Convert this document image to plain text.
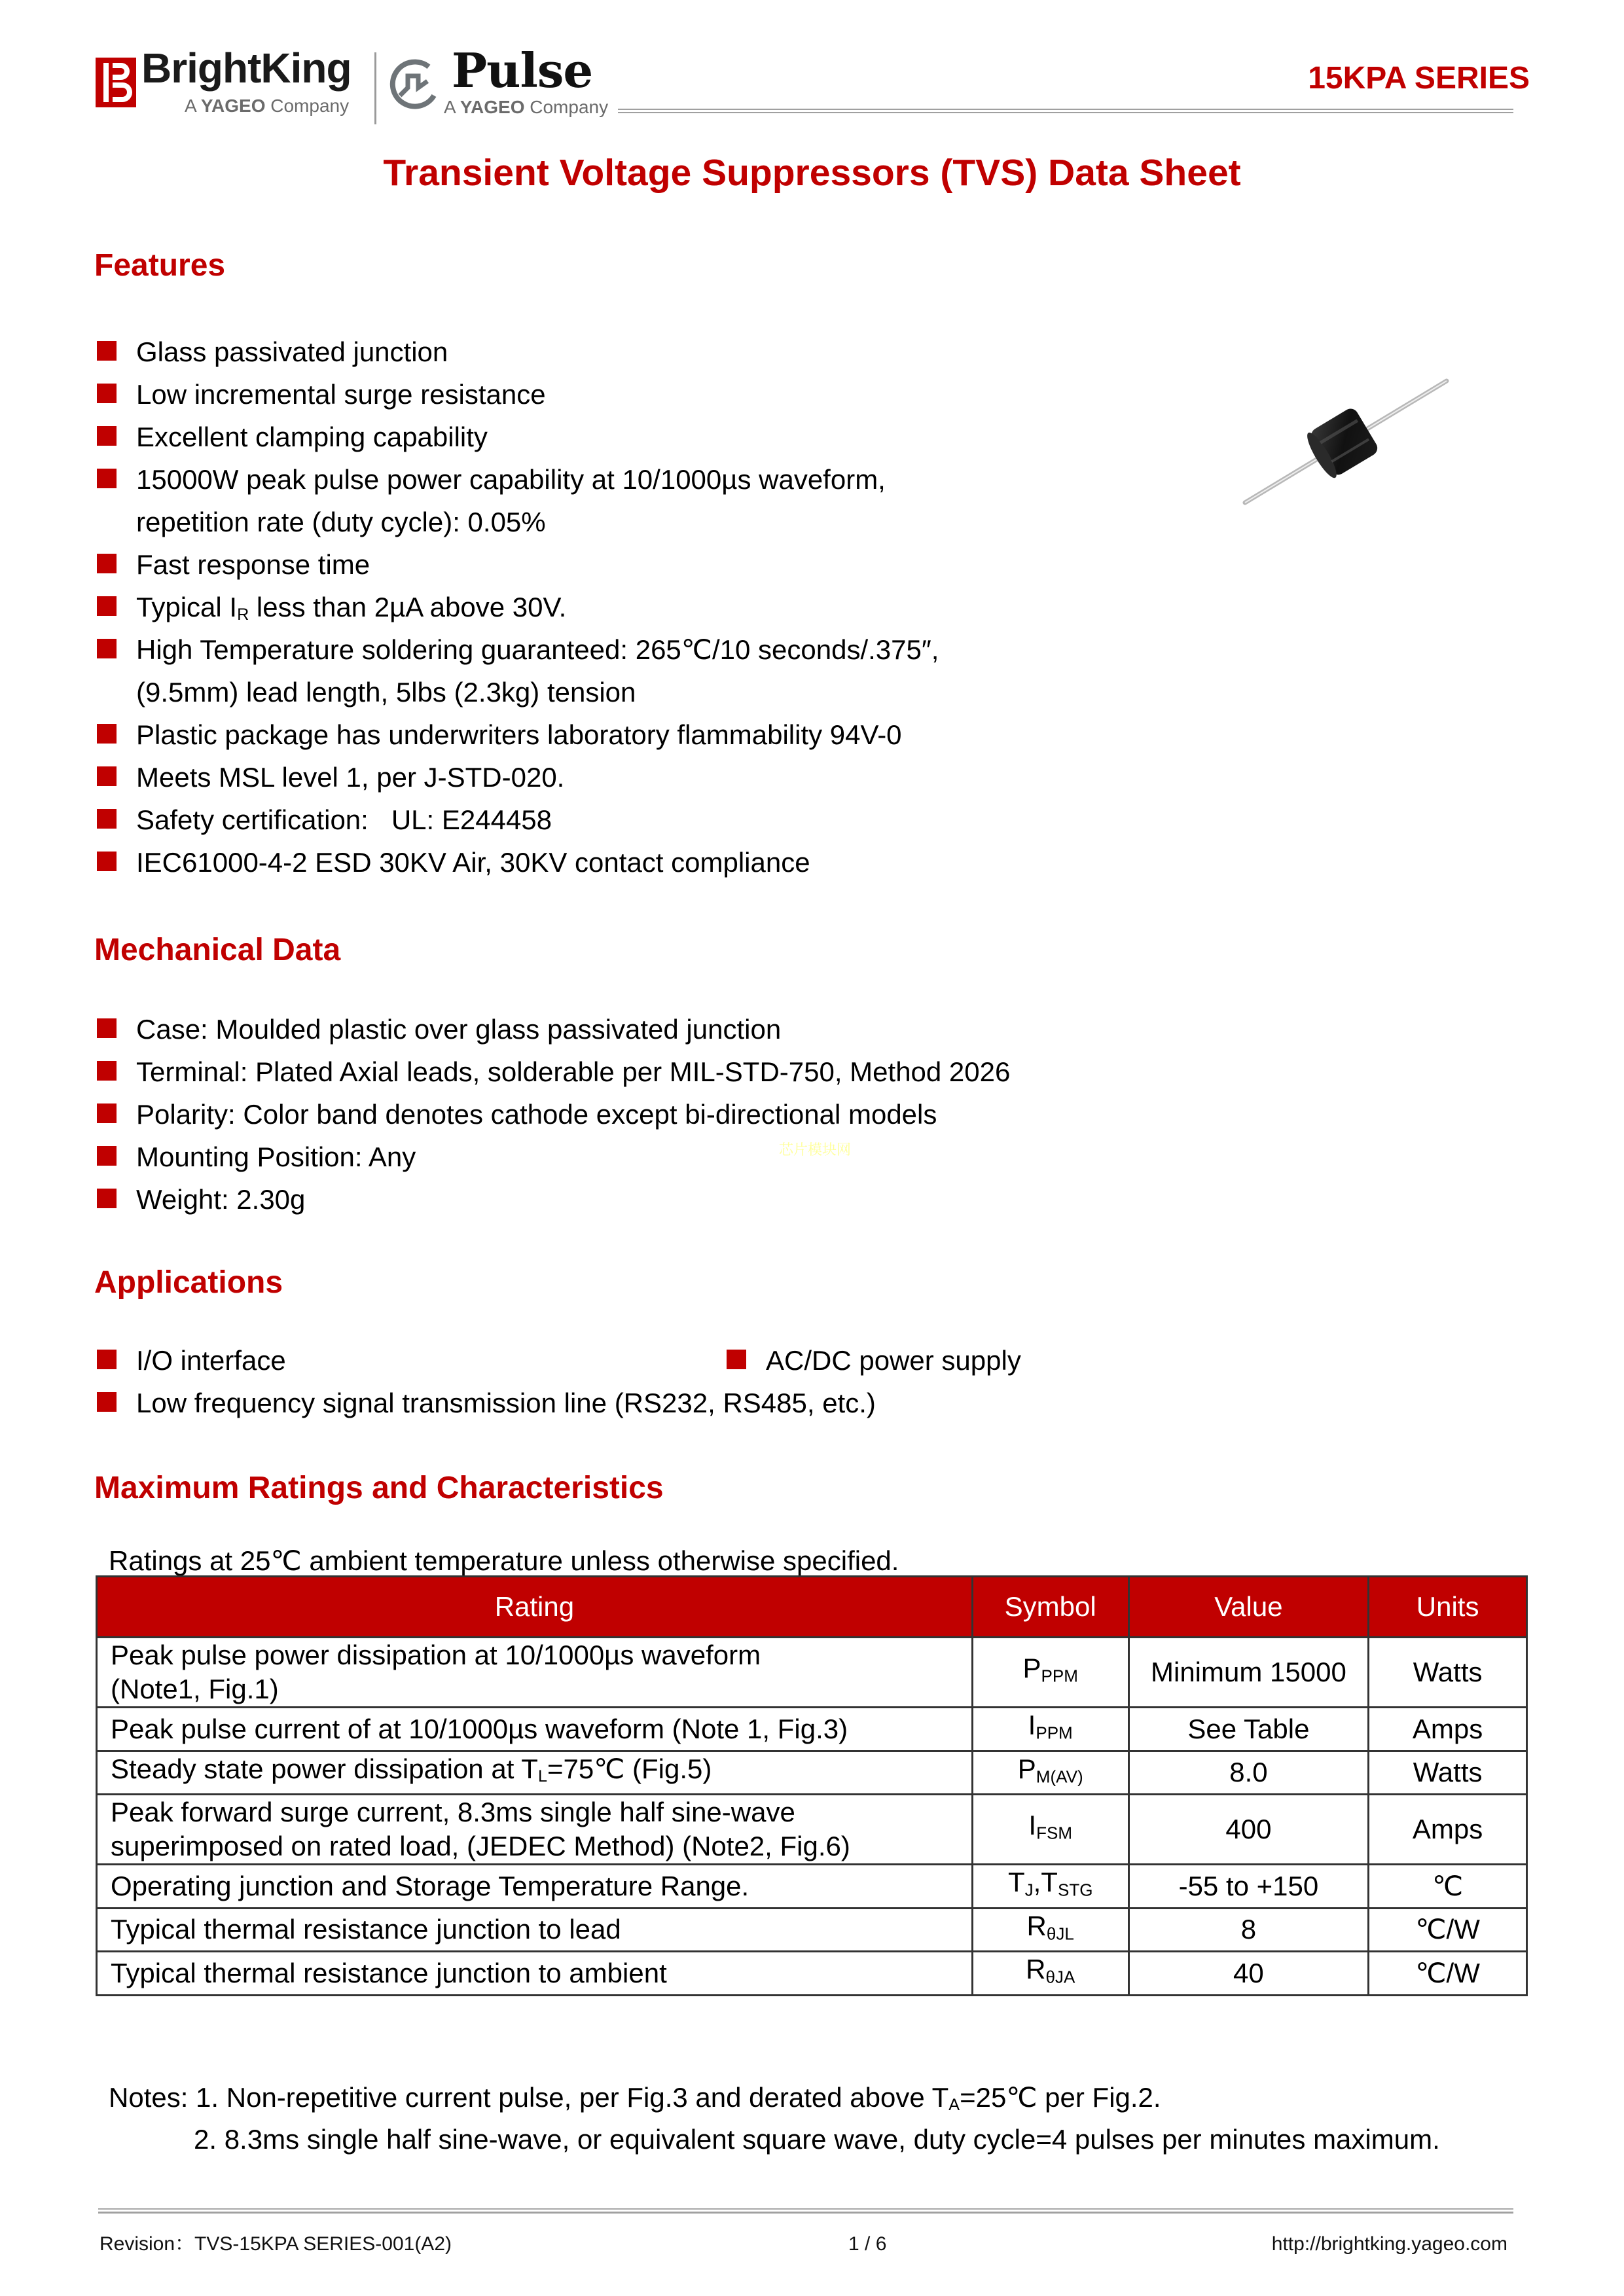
BrightKing
A YAGEO Company
Pulse
A YAGEO Company
15KPA SERIES
Transient Voltage Suppressors (TVS) Data Sheet
Features
Glass passivated junction
Low incremental surge resistance
Excellent clamping capability
15000W peak pulse power capability at 10/1000µs waveform,
repetition rate (duty cycle): 0.05%
Fast response time
Typical $I_R$ less than 2µA above 30V.
High Temperature soldering guaranteed: 265℃/10 seconds/.375″,
(9.5mm) lead length, 5lbs (2.3kg) tension
Plastic package has underwriters laboratory flammability 94V-0
Meets MSL level 1, per J-STD-020.
Safety certification:   UL: E244458
IEC61000-4-2 ESD 30KV Air, 30KV contact compliance
Mechanical Data
Case: Moulded plastic over glass passivated junction
Terminal: Plated Axial leads, solderable per MIL-STD-750, Method 2026
Polarity: Color band denotes cathode except bi-directional models
Mounting Position: Any
Weight: 2.30g
芯片模块网
Applications
I/O interface
Low frequency signal transmission line (RS232, RS485, etc.)
AC/DC power supply
Maximum Ratings and Characteristics
Ratings at 25℃ ambient temperature unless otherwise specified.
Rating	Symbol	Value	Units
Peak pulse power dissipation at 10/1000µs waveform
(Note1, Fig.1)	PPPM	Minimum 15000	Watts
Peak pulse current of at 10/1000µs waveform (Note 1, Fig.3)	IPPM	See Table	Amps
Steady state power dissipation at $T_L=75℃$ (Fig.5)	PM(AV)	8.0	Watts
Peak forward surge current, 8.3ms single half sine-wave
superimposed on rated load, (JEDEC Method) (Note2, Fig.6)	IFSM	400	Amps
Operating junction and Storage Temperature Range.	TJ,TSTG	-55 to +150	℃
Typical thermal resistance junction to lead	RθJL	8	℃/W
Typical thermal resistance junction to ambient	RθJA	40	℃/W
Notes: 1. Non-repetitive current pulse, per Fig.3 and derated above $T_A=25℃$ per Fig.2.
2. 8.3ms single half sine-wave, or equivalent square wave, duty cycle=4 pulses per minutes maximum.
Revision：TVS-15KPA SERIES-001(A2)	1 / 6	http://brightking.yageo.com
